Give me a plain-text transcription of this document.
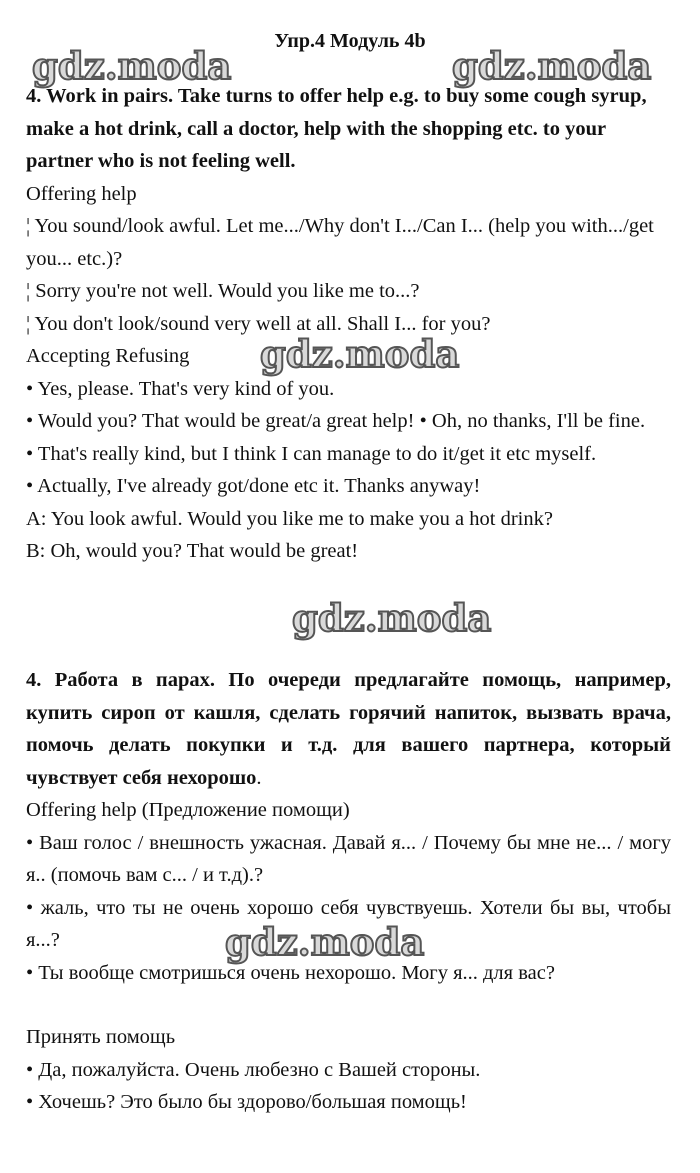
Упр.4 Модуль 4b

4. Work in pairs. Take turns to offer help e.g. to buy some cough syrup, make a hot drink, call a doctor, help with the shopping etc. to your partner who is not feeling well.

Offering help

¦ You sound/look awful. Let me.../Why don't I.../Can I... (help you with.../get you... etc.)?

¦ Sorry you're not well. Would you like me to...?

¦ You don't look/sound very well at all. Shall I... for you?

Accepting Refusing

• Yes, please. That's very kind of you.

• Would you? That would be great/a great help! • Oh, no thanks, I'll be fine.

• That's really kind, but I think I can manage to do it/get it etc myself.

• Actually, I've already got/done etc it. Thanks anyway!

A: You look awful. Would you like me to make you a hot drink?

B: Oh, would you? That would be great!

4. Работа в парах. По очереди предлагайте помощь, например, купить сироп от кашля, сделать горячий напиток, вызвать врача, помочь делать покупки и т.д. для вашего партнера, который чувствует себя нехорошо.

Offering help (Предложение помощи)

• Ваш голос / внешность ужасная. Давай я... / Почему бы мне не... / могу я.. (помочь вам с... / и т.д).?

• жаль, что ты не очень хорошо себя чувствуешь. Хотели бы вы, чтобы я...?

• Ты вообще смотришься очень нехорошо. Могу я... для вас?

Принять помощь

• Да, пожалуйста. Очень любезно с Вашей стороны.

• Хочешь? Это было бы здорово/большая помощь!

gdz.moda	gdz.moda
gdz.moda
gdz.moda
gdz.moda
